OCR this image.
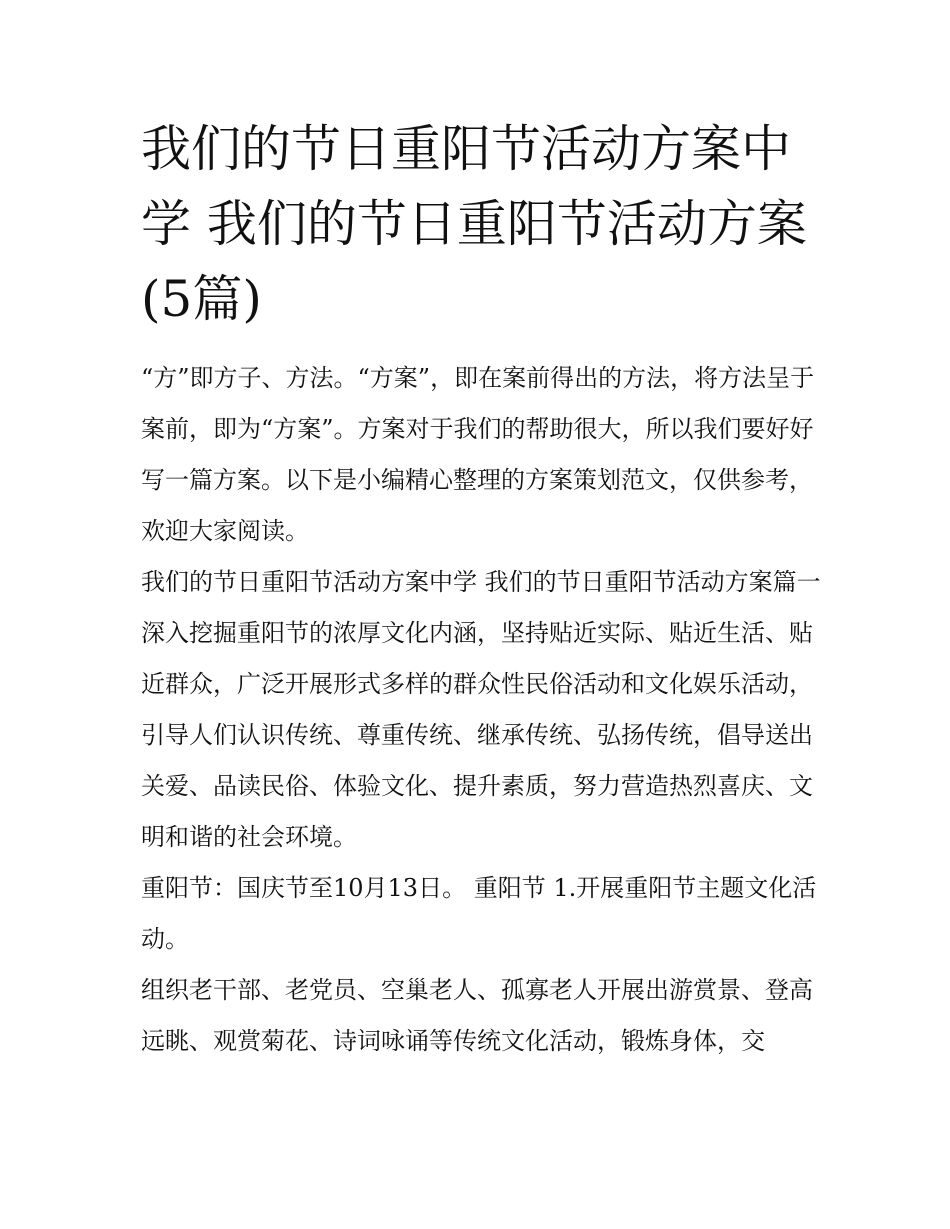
我们的节日重阳节活动方案中学 我们的节日重阳节活动方案(5篇)

“方”即方子、方法。“方案”，即在案前得出的方法，将方法呈于案前，即为“方案”。方案对于我们的帮助很大，所以我们要好好写一篇方案。以下是小编精心整理的方案策划范文，仅供参考，欢迎大家阅读。

我们的节日重阳节活动方案中学 我们的节日重阳节活动方案篇一

深入挖掘重阳节的浓厚文化内涵，坚持贴近实际、贴近生活、贴近群众，广泛开展形式多样的群众性民俗活动和文化娱乐活动，引导人们认识传统、尊重传统、继承传统、弘扬传统，倡导送出关爱、品读民俗、体验文化、提升素质，努力营造热烈喜庆、文明和谐的社会环境。

重阳节：国庆节至10月13日。 重阳节 1.开展重阳节主题文化活动。

组织老干部、老党员、空巢老人、孤寡老人开展出游赏景、登高远眺、观赏菊花、诗词咏诵等传统文化活动，锻炼身体，交
